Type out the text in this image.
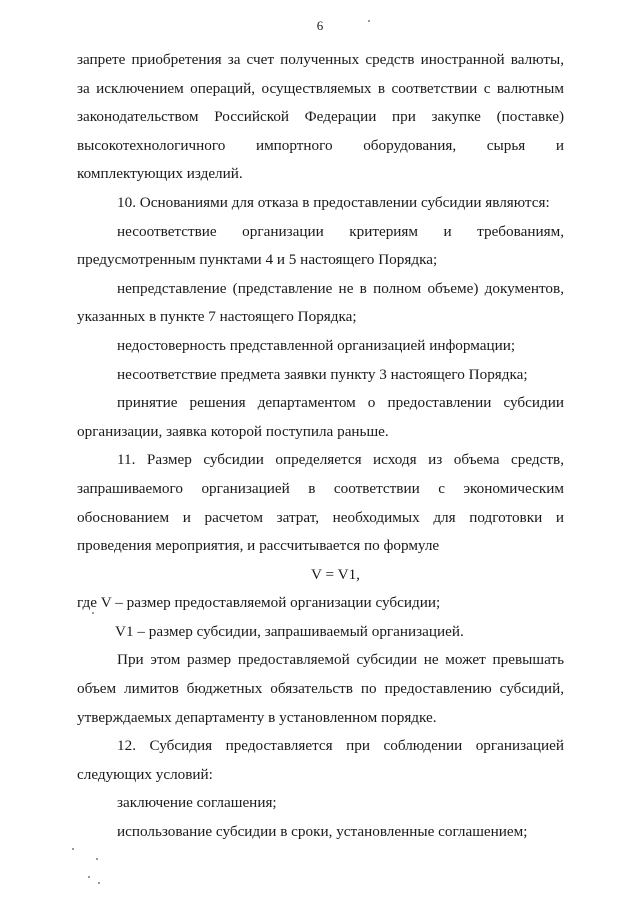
6

запрете приобретения за счет полученных средств иностранной валюты, за исключением операций, осуществляемых в соответствии с валютным законодательством Российской Федерации при закупке (поставке) высокотехнологичного импортного оборудования, сырья и комплектующих изделий.

10. Основаниями для отказа в предоставлении субсидии являются:

несоответствие организации критериям и требованиям, предусмотренным пунктами 4 и 5 настоящего Порядка;

непредставление (представление не в полном объеме) документов, указанных в пункте 7 настоящего Порядка;

недостоверность представленной организацией информации;

несоответствие предмета заявки пункту 3 настоящего Порядка;

принятие решения департаментом о предоставлении субсидии организации, заявка которой поступила раньше.

11. Размер субсидии определяется исходя из объема средств, запрашиваемого организацией в соответствии с экономическим обоснованием и расчетом затрат, необходимых для подготовки и проведения мероприятия, и рассчитывается по формуле

V = V1,

где V – размер предоставляемой организации субсидии;

V1 – размер субсидии, запрашиваемый организацией.

При этом размер предоставляемой субсидии не может превышать объем лимитов бюджетных обязательств по предоставлению субсидий, утверждаемых департаменту в установленном порядке.

12. Субсидия предоставляется при соблюдении организацией следующих условий:

заключение соглашения;

использование субсидии в сроки, установленные соглашением;
